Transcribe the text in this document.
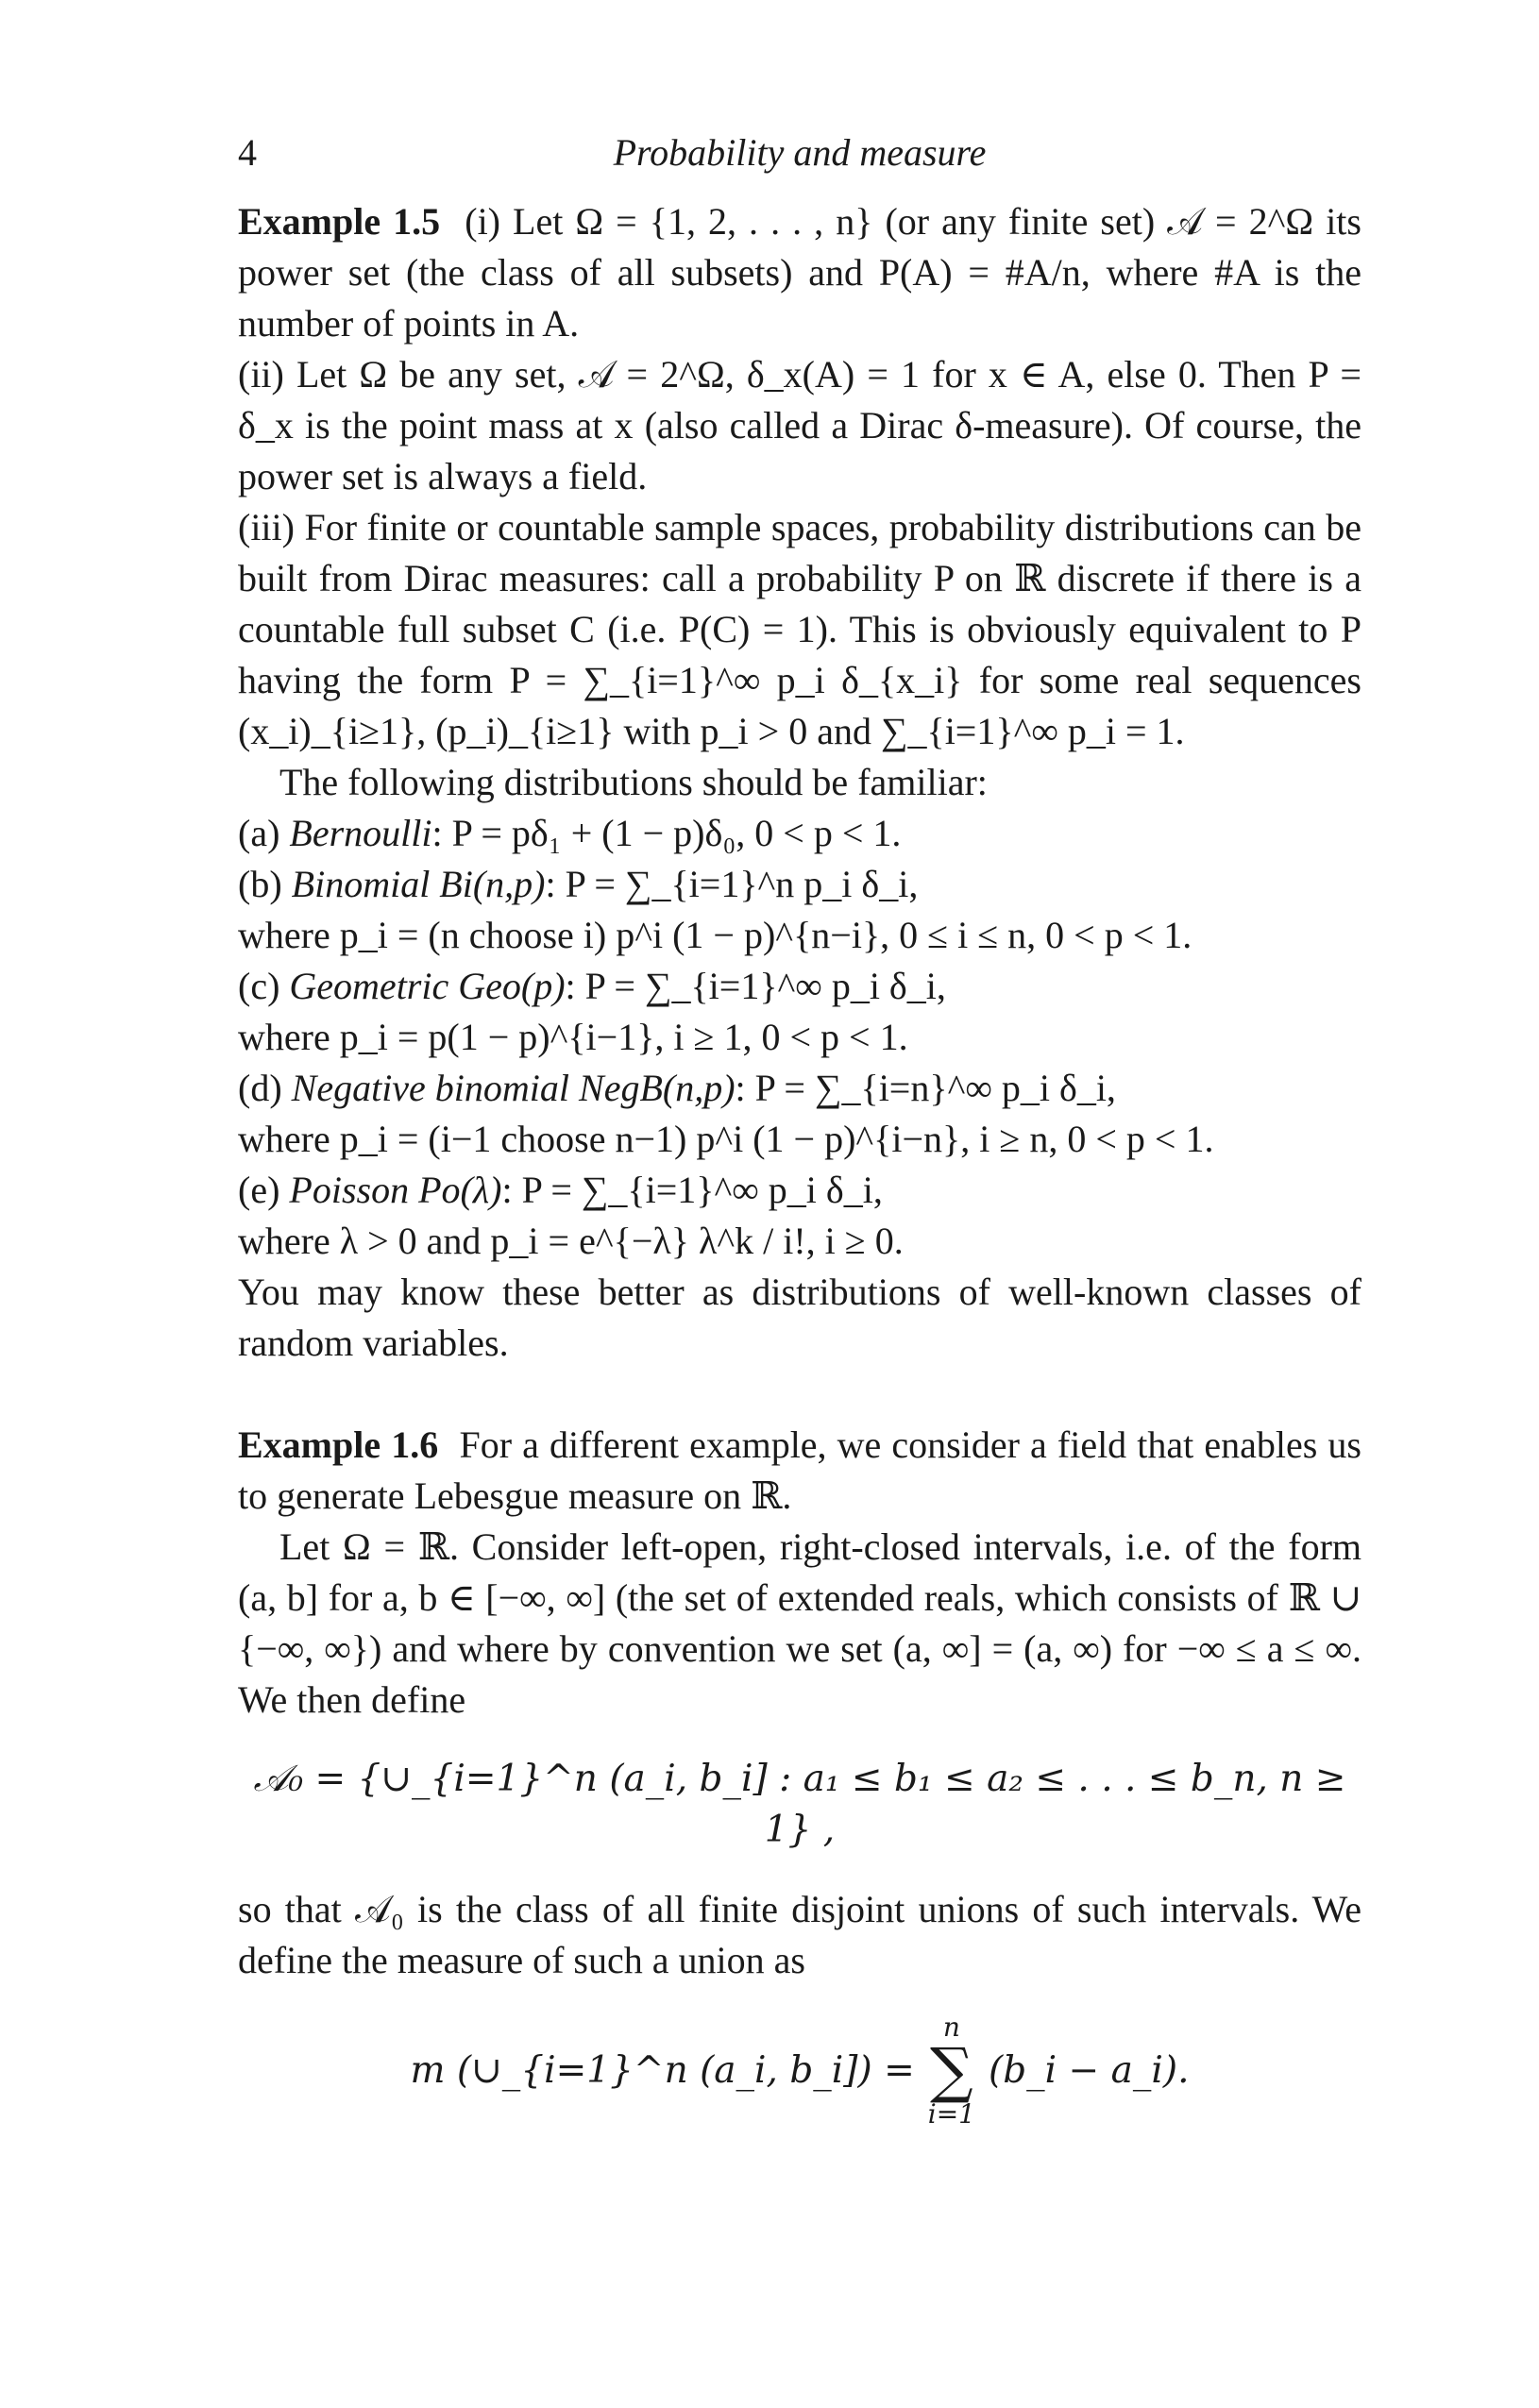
4	Probability and measure

Example 1.5 (i) Let Ω = {1, 2, . . . , n} (or any finite set) 𝒜 = 2^Ω its power set (the class of all subsets) and P(A) = #A/n, where #A is the number of points in A.

(ii) Let Ω be any set, 𝒜 = 2^Ω, δ_x(A) = 1 for x ∈ A, else 0. Then P = δ_x is the point mass at x (also called a Dirac δ-measure). Of course, the power set is always a field.

(iii) For finite or countable sample spaces, probability distributions can be built from Dirac measures: call a probability P on ℝ discrete if there is a countable full subset C (i.e. P(C) = 1). This is obviously equivalent to P having the form P = ∑_{i=1}^∞ p_i δ_{x_i} for some real sequences (x_i)_{i≥1}, (p_i)_{i≥1} with p_i > 0 and ∑_{i=1}^∞ p_i = 1.

The following distributions should be familiar:

(a) Bernoulli: P = pδ₁ + (1 − p)δ₀, 0 < p < 1.
(b) Binomial Bi(n,p): P = ∑_{i=1}^n p_i δ_i,
where p_i = (n choose i) p^i (1 − p)^{n−i}, 0 ≤ i ≤ n, 0 < p < 1.
(c) Geometric Geo(p): P = ∑_{i=1}^∞ p_i δ_i,
where p_i = p(1 − p)^{i−1}, i ≥ 1, 0 < p < 1.
(d) Negative binomial NegB(n,p): P = ∑_{i=n}^∞ p_i δ_i,
where p_i = (i−1 choose n−1) p^i (1 − p)^{i−n}, i ≥ n, 0 < p < 1.
(e) Poisson Po(λ): P = ∑_{i=1}^∞ p_i δ_i,
where λ > 0 and p_i = e^{−λ} λ^k / i!, i ≥ 0.

You may know these better as distributions of well-known classes of random variables.

Example 1.6 For a different example, we consider a field that enables us to generate Lebesgue measure on ℝ.

Let Ω = ℝ. Consider left-open, right-closed intervals, i.e. of the form (a, b] for a, b ∈ [−∞, ∞] (the set of extended reals, which consists of ℝ ∪ {−∞, ∞}) and where by convention we set (a, ∞] = (a, ∞) for −∞ ≤ a ≤ ∞. We then define

𝒜₀ = {∪_{i=1}^n (a_i, b_i] : a₁ ≤ b₁ ≤ a₂ ≤ . . . ≤ b_n, n ≥ 1} ,

so that 𝒜₀ is the class of all finite disjoint unions of such intervals. We define the measure of such a union as

m (∪_{i=1}^n (a_i, b_i]) =
n
∑
i=1
(b_i − a_i).
